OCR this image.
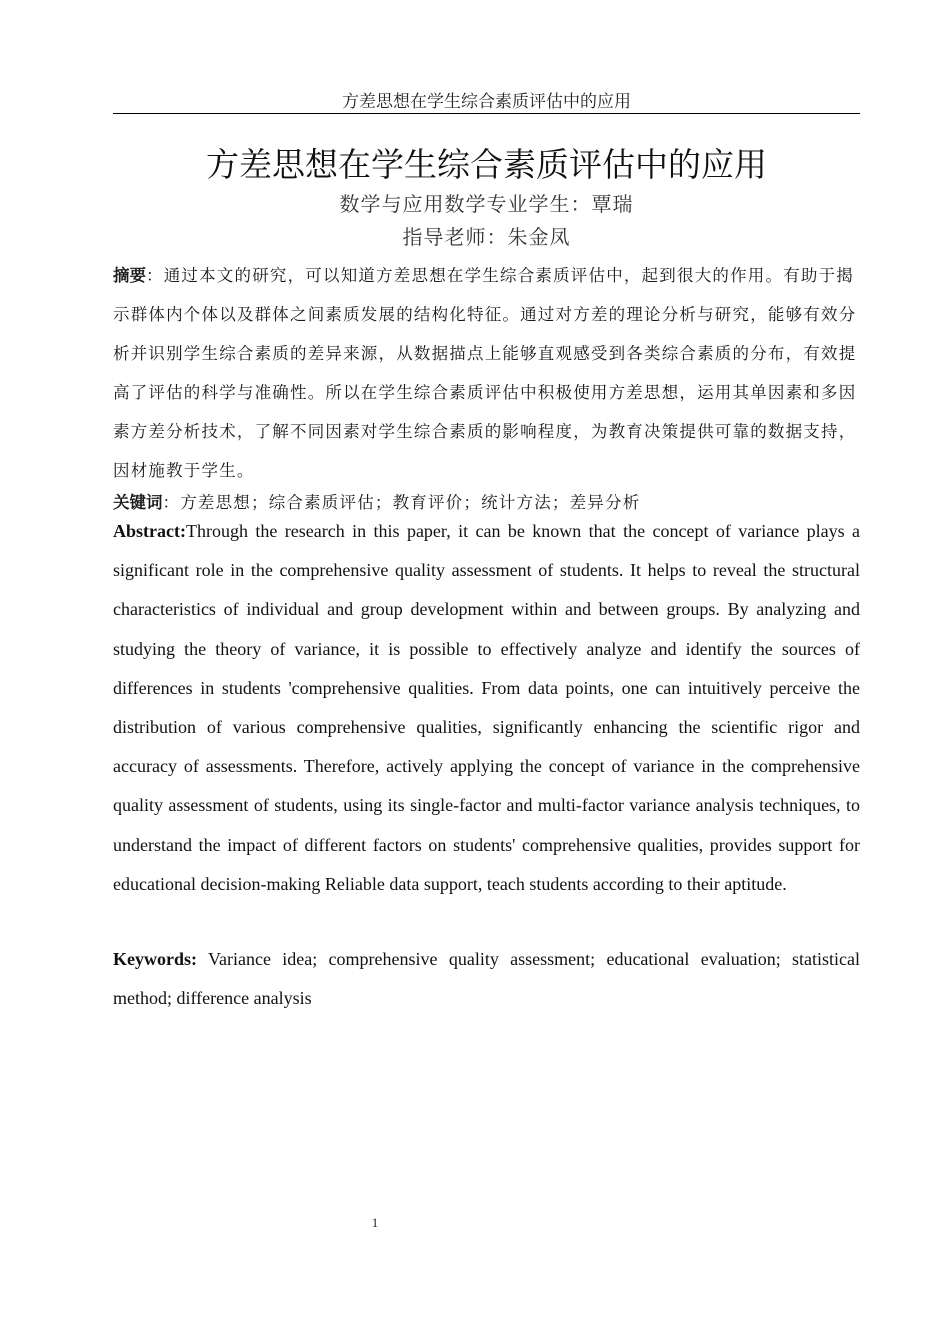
方差思想在学生综合素质评估中的应用
方差思想在学生综合素质评估中的应用
数学与应用数学专业学生：覃瑞
指导老师：朱金凤

摘要：通过本文的研究，可以知道方差思想在学生综合素质评估中，起到很大的作用。有助于揭示群体内个体以及群体之间素质发展的结构化特征。通过对方差的理论分析与研究，能够有效分析并识别学生综合素质的差异来源，从数据描点上能够直观感受到各类综合素质的分布，有效提高了评估的科学与准确性。所以在学生综合素质评估中积极使用方差思想，运用其单因素和多因素方差分析技术，了解不同因素对学生综合素质的影响程度，为教育决策提供可靠的数据支持，因材施教于学生。

关键词：方差思想；综合素质评估；教育评价；统计方法；差异分析

Abstract:Through the research in this paper, it can be known that the concept of variance plays a significant role in the comprehensive quality assessment of students. It helps to reveal the structural characteristics of individual and group development within and between groups. By analyzing and studying the theory of variance, it is possible to effectively analyze and identify the sources of differences in students 'comprehensive qualities. From data points, one can intuitively perceive the distribution of various comprehensive qualities, significantly enhancing the scientific rigor and accuracy of assessments. Therefore, actively applying the concept of variance in the comprehensive quality assessment of students, using its single-factor and multi-factor variance analysis techniques, to understand the impact of different factors on students' comprehensive qualities, provides support for educational decision-making Reliable data support, teach students according to their aptitude.

Keywords: Variance idea; comprehensive quality assessment; educational evaluation; statistical method; difference analysis

1
